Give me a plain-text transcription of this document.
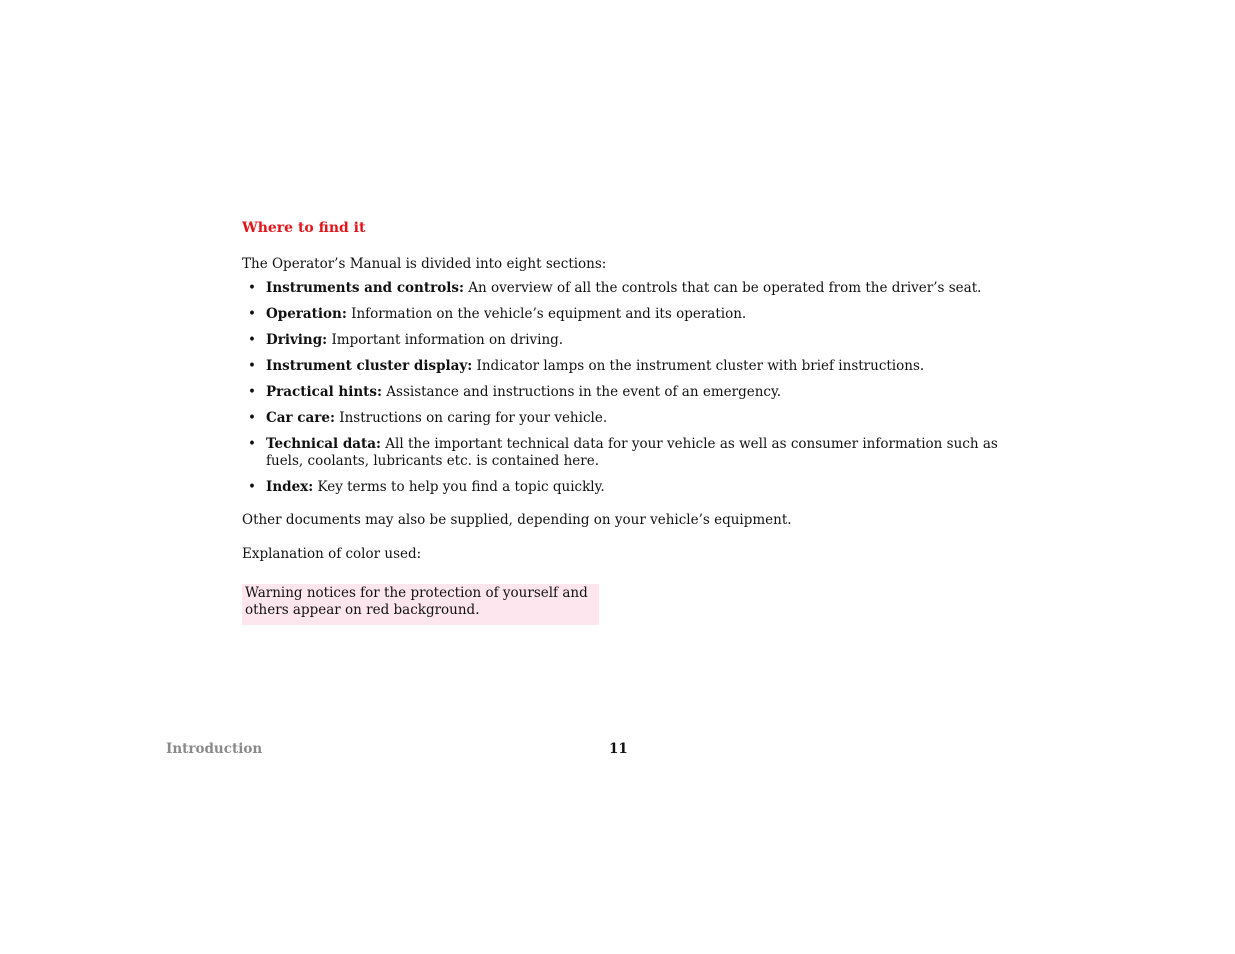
Where to find it
The Operator’s Manual is divided into eight sections:
• Instruments and controls: An overview of all the controls that can be operated from the driver’s seat.
• Operation: Information on the vehicle’s equipment and its operation.
• Driving: Important information on driving.
• Instrument cluster display: Indicator lamps on the instrument cluster with brief instructions.
• Practical hints: Assistance and instructions in the event of an emergency.
• Car care: Instructions on caring for your vehicle.
• Technical data: All the important technical data for your vehicle as well as consumer information such as fuels, coolants, lubricants etc. is contained here.
• Index: Key terms to help you find a topic quickly.
Other documents may also be supplied, depending on your vehicle’s equipment.
Explanation of color used:
Warning notices for the protection of yourself and others appear on red background.
Introduction	11
